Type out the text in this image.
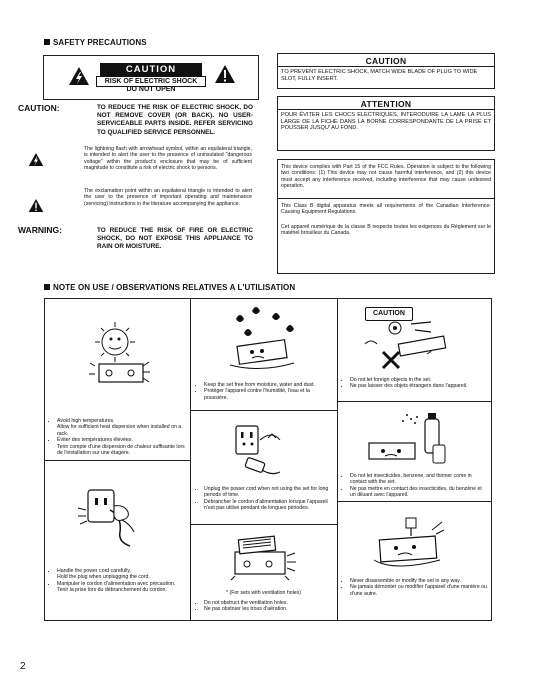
SAFETY PRECAUTIONS
CAUTION
RISK OF ELECTRIC SHOCK
DO NOT OPEN
CAUTION:	TO REDUCE THE RISK OF ELECTRIC SHOCK, DO NOT REMOVE COVER (OR BACK). NO USER-SERVICEABLE PARTS INSIDE. REFER SERVICING TO QUALIFIED SERVICE PERSONNEL.
The lightning flash with arrowhead symbol, within an equilateral triangle, is intended to alert the user to the presence of uninsulated "dangerous voltage" within the product's enclosure that may be of sufficient magnitude to constitute a risk of electric shock to persons.
The exclamation point within an equilateral triangle is intended to alert the user to the presence of important operating and maintenance (servicing) instructions in the literature accompanying the appliance.
WARNING:	TO REDUCE THE RISK OF FIRE OR ELECTRIC SHOCK, DO NOT EXPOSE THIS APPLIANCE TO RAIN OR MOISTURE.
CAUTION
TO PREVENT ELECTRIC SHOCK, MATCH WIDE BLADE OF PLUG TO WIDE SLOT, FULLY INSERT.
ATTENTION
POUR ÉVITER LES CHOCS ELECTRIQUES, INTERODUIRE LA LAME LA PLUS LARGE DE LA FICHE DANS LA BORNE CORRESPONDANTE DE LA PRISE ET POUSSER JUSQU' AU FOND.
This device complies with Part 15 of the FCC Rules. Operation is subject to the following two conditions: (1) This device may not cause harmful interference, and (2) this device must accept any interference received, including interference that may cause undesired operation.
This Class B digital apparatus meets all requirements of the Canadian Interference-Causing Equipment Regulations.
Cet appareil numérique de la classe B respecte toutes les exigences du Règlement sur le matériel brouilleur du Canada.
NOTE ON USE / OBSERVATIONS RELATIVES A L'UTILISATION
• Avoid high temperatures.
Allow for sufficient heat dispersion when installed on a rack.
• Éviter des températures élevées.
Tenir compte d'une dispersion de chaleur suffisante lors de l'installation sur une étagère.
• Handle the power cord carefully.
Hold the plug when unplugging the cord.
• Manipuler le cordon d'alimentation avec précaution.
Tenir la prise lors du débranchement du cordon.
• Keep the set free from moisture, water and dust.
• Protéger l'appareil contre l'humidité, l'eau et la poussière.
• Unplug the power cord when not using the set for long periods of time.
• Débrancher le cordon d'alimentation lorsque l'appareil n'est pas utilisé pendant de longues périodes.
* (For sets with ventilation holes)
• Do not obstruct the ventilation holes.
• Ne pas obstruer les trous d'aération.
CAUTION
• Do not let foreign objects in the set.
• Ne pas laisser des objets étrangers dans l'appareil.
• Do not let insecticides, benzene, and thinner come in contact with the set.
• Ne pas mettre en contact des insecticides, du benzène et un diluant avec l'appareil.
• Never disassemble or modify the set in any way.
• Ne jamais démonter ou modifier l'appareil d'une manière ou d'une autre.
2
